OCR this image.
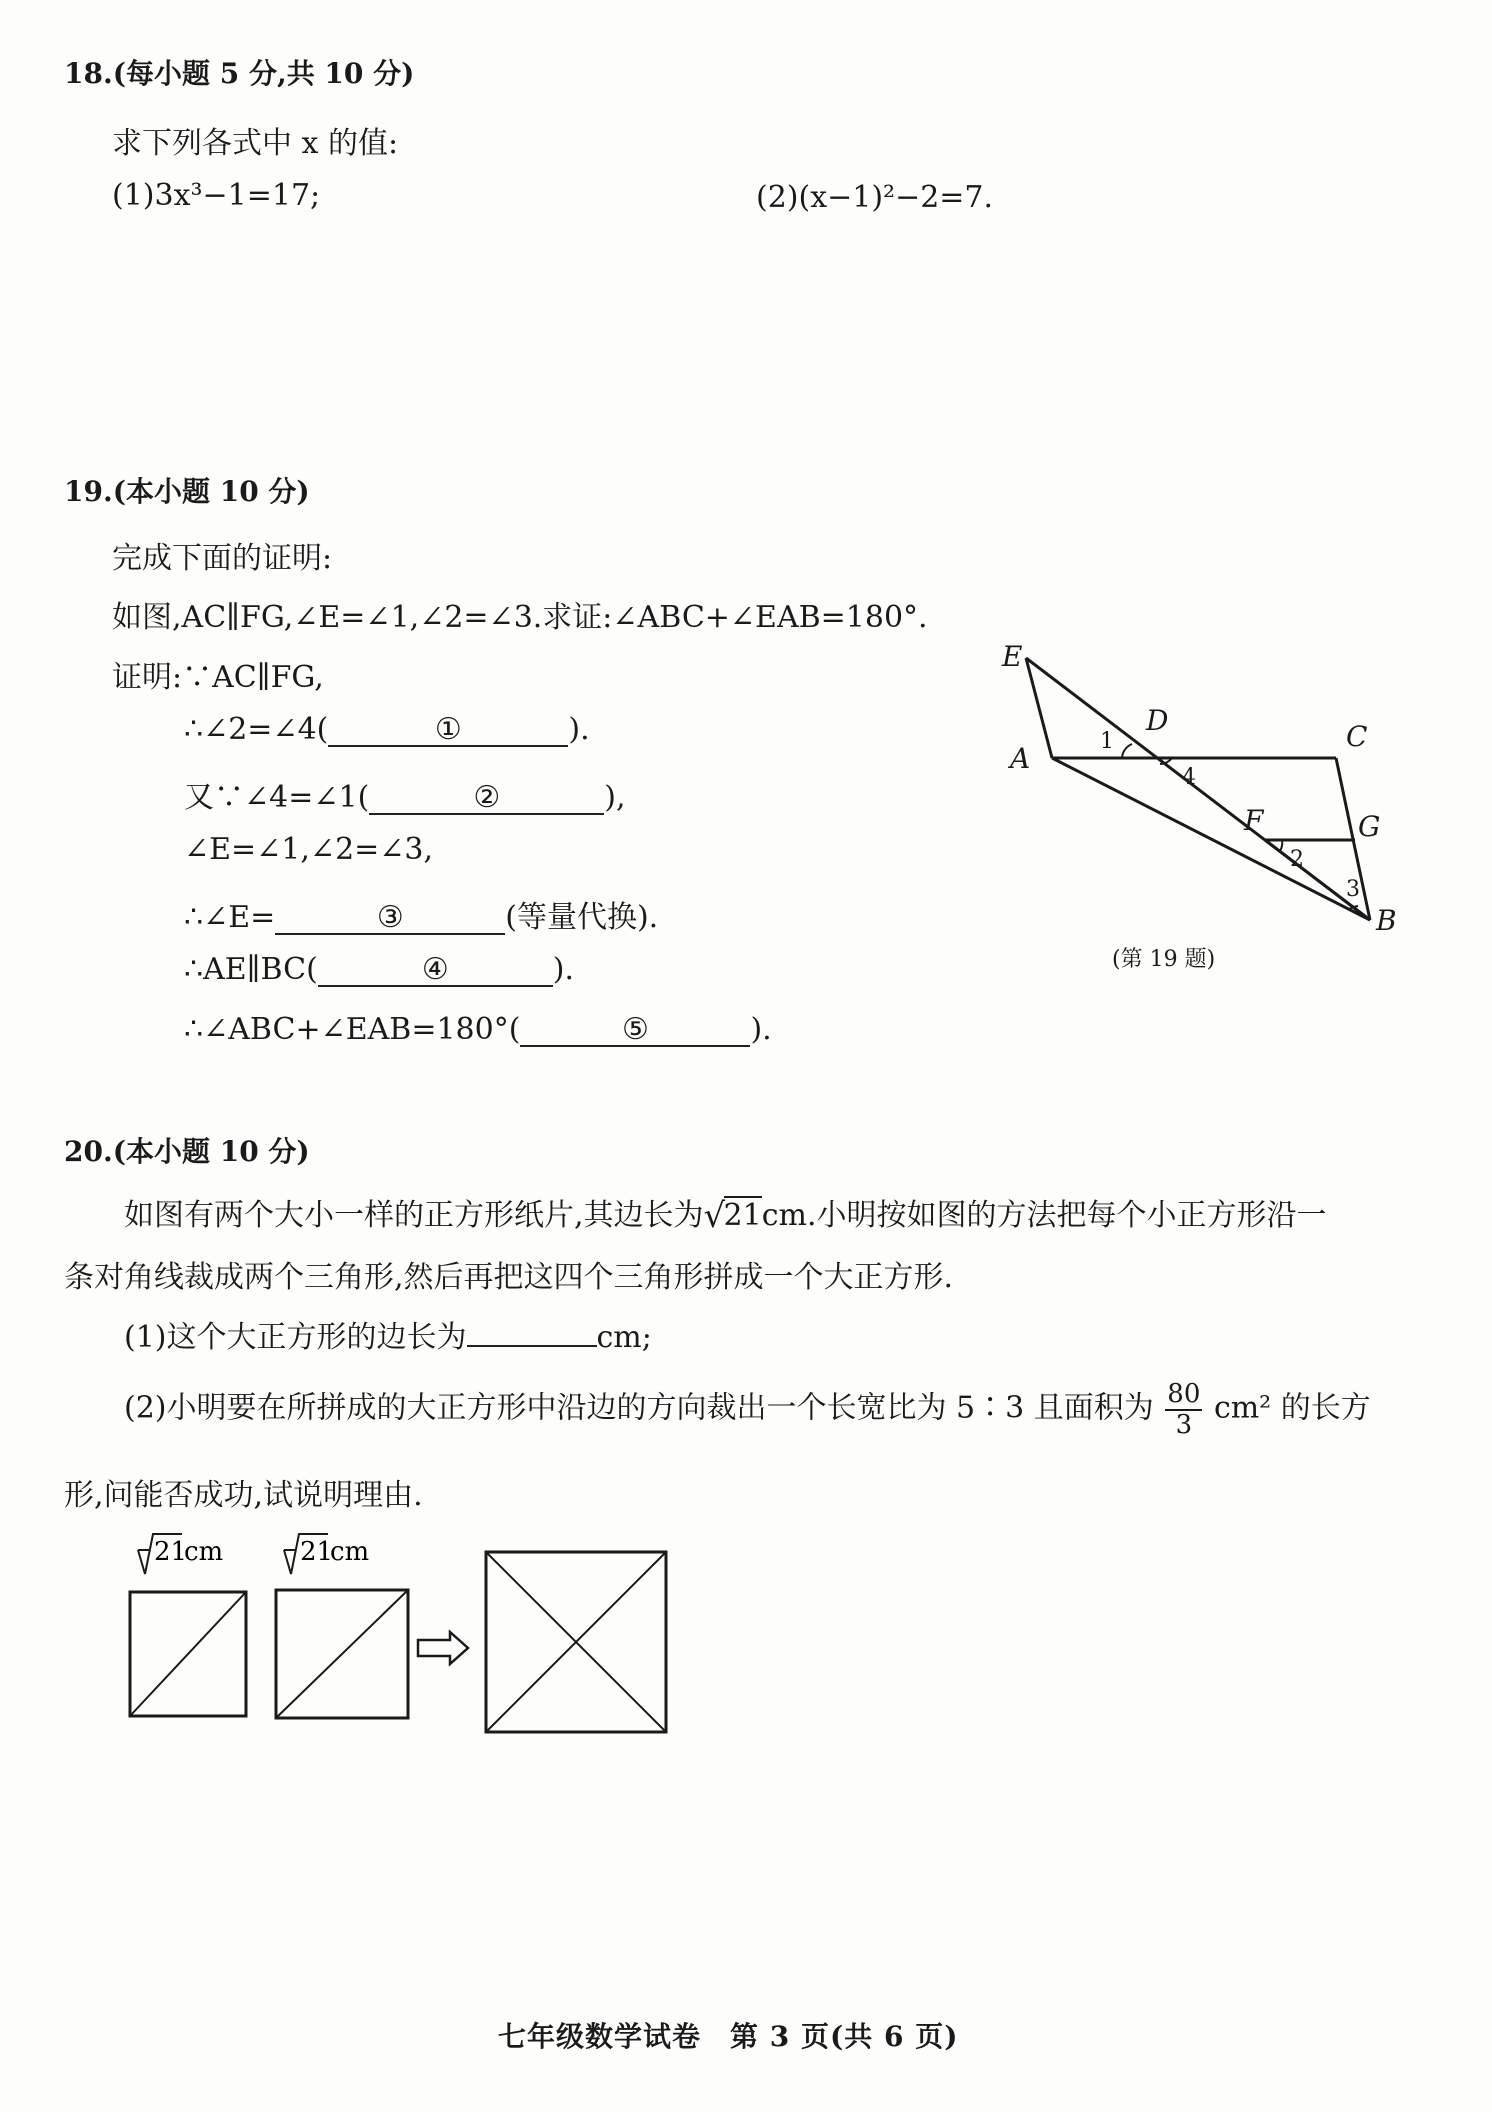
18.(每小题 5 分,共 10 分)
求下列各式中 x 的值:
(1)3x³−1=17;	(2)(x−1)²−2=7.
19.(本小题 10 分)
完成下面的证明:
如图,AC∥FG,∠E=∠1,∠2=∠3.求证:∠ABC+∠EAB=180°.
证明:∵AC∥FG,
∴∠2=∠4(	①	).
又∵∠4=∠1(	②	),
∠E=∠1,∠2=∠3,
∴∠E=	③	(等量代换).
∴AE∥BC(	④	).
∴∠ABC+∠EAB=180°(	⑤	).
E
A
D	C
F	G
B
1
4
2
3
(第 19 题)
20.(本小题 10 分)
如图有两个大小一样的正方形纸片,其边长为 √
21cm.小明按如图的方法把每个小正方形沿一
条对角线裁成两个三角形,然后再把这四个三角形拼成一个大正方形.
(1)这个大正方形的边长为	cm;
(2)小明要在所拼成的大正方形中沿边的方向裁出一个长宽比为 5∶3 且面积为 $\frac{80}{3} cm^2$ 的长方
形,问能否成功,试说明理由.
21
cm	21
cm
七年级数学试卷　第 3 页(共 6 页)
